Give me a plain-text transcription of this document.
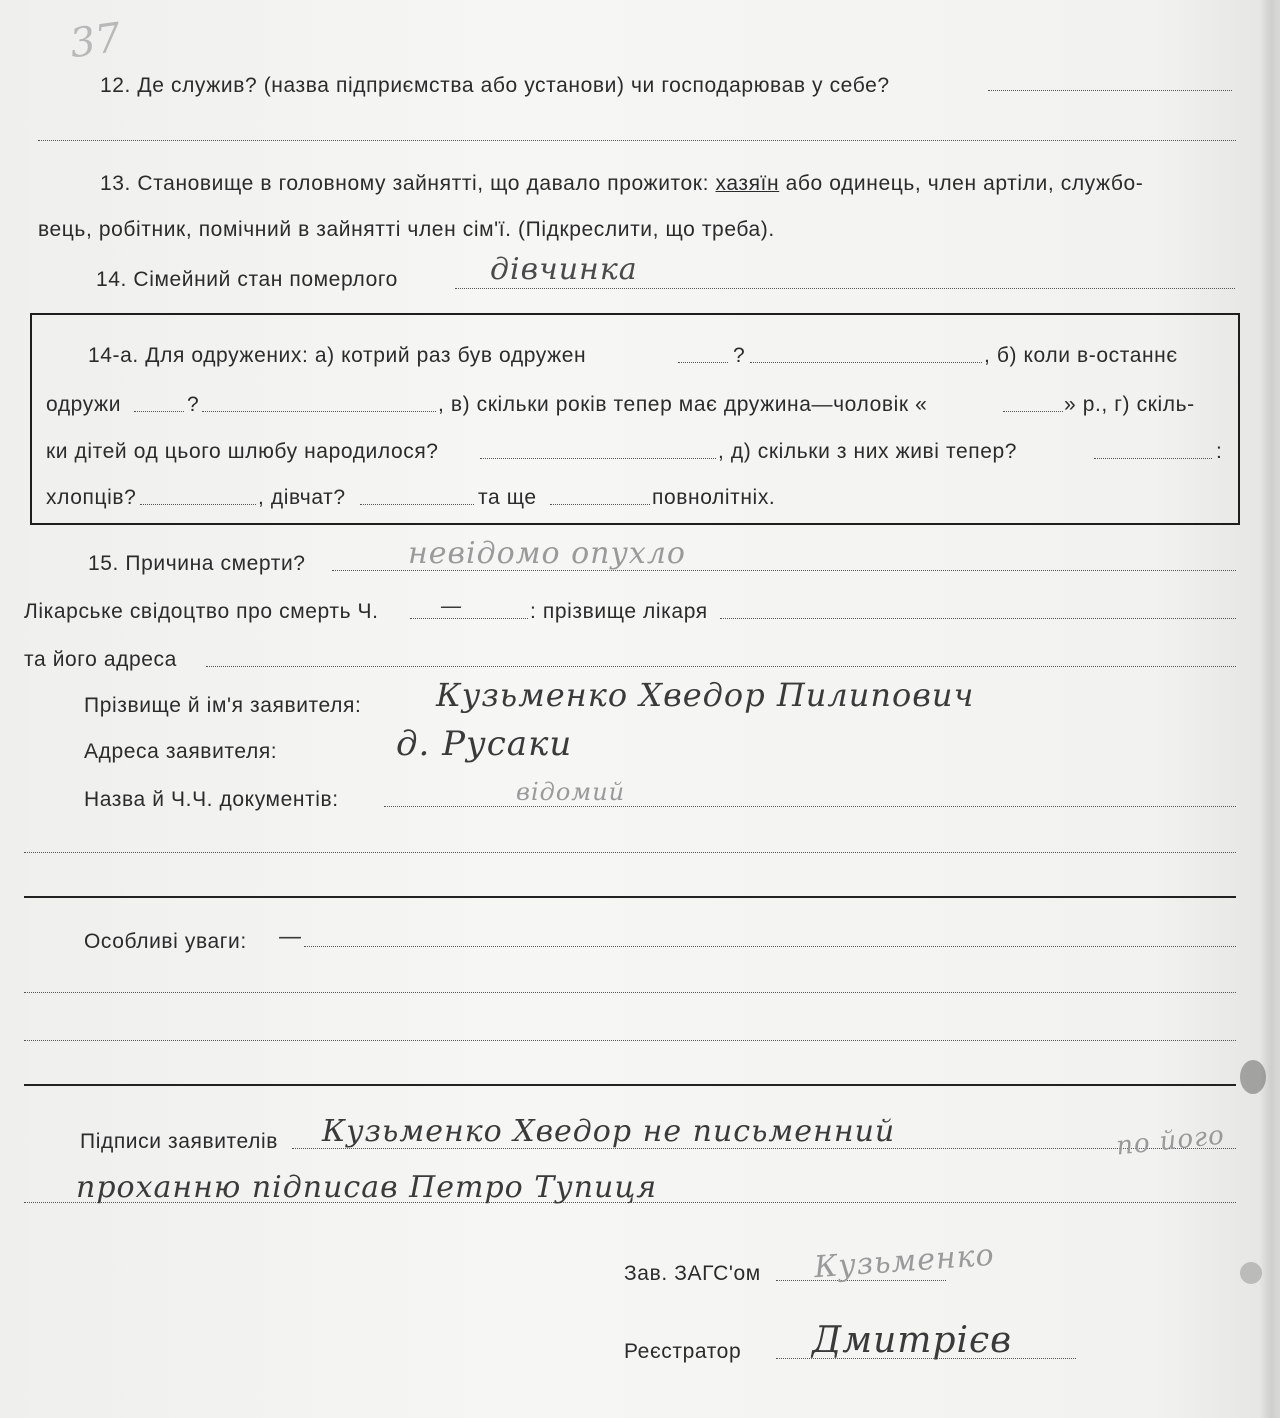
37
12. Де служив? (назва підприємства або установи) чи господарював у себе?
13. Становище в головному зайнятті, що давало прожиток: хазяїн або одинець, член артіли, службо-
вець, робітник, помічний в зайнятті член сім'ї. (Підкреслити, що треба).
14. Сімейний стан померлого	дівчинка
14-а. Для одружених: а) котрий раз був одружен	?	, б) коли в-останнє
одружи	?	, в) скільки років тепер має дружина—чоловік «	» р., г) скіль-
ки дітей од цього шлюбу народилося?	, д) скільки з них живі тепер?	:
хлопців?	, дівчат?	та ще	повнолітніх.
15. Причина смерти?	невідомо опухло
Лікарське свідоцтво про смерть Ч.	—	: прізвище лікаря
та його адреса
Прізвище й ім'я заявителя: Кузьменко Хведор Пилипович
Адреса заявителя:	д. Русаки
Назва й Ч.Ч. документів:	відомий
Особливі уваги: —
Підписи заявителів Кузьменко Хведор не письменний	по його
проханню підписав Петро Тупиця
Зав. ЗАГС'ом Кузьменко
Реєстратор Дмитрієв
